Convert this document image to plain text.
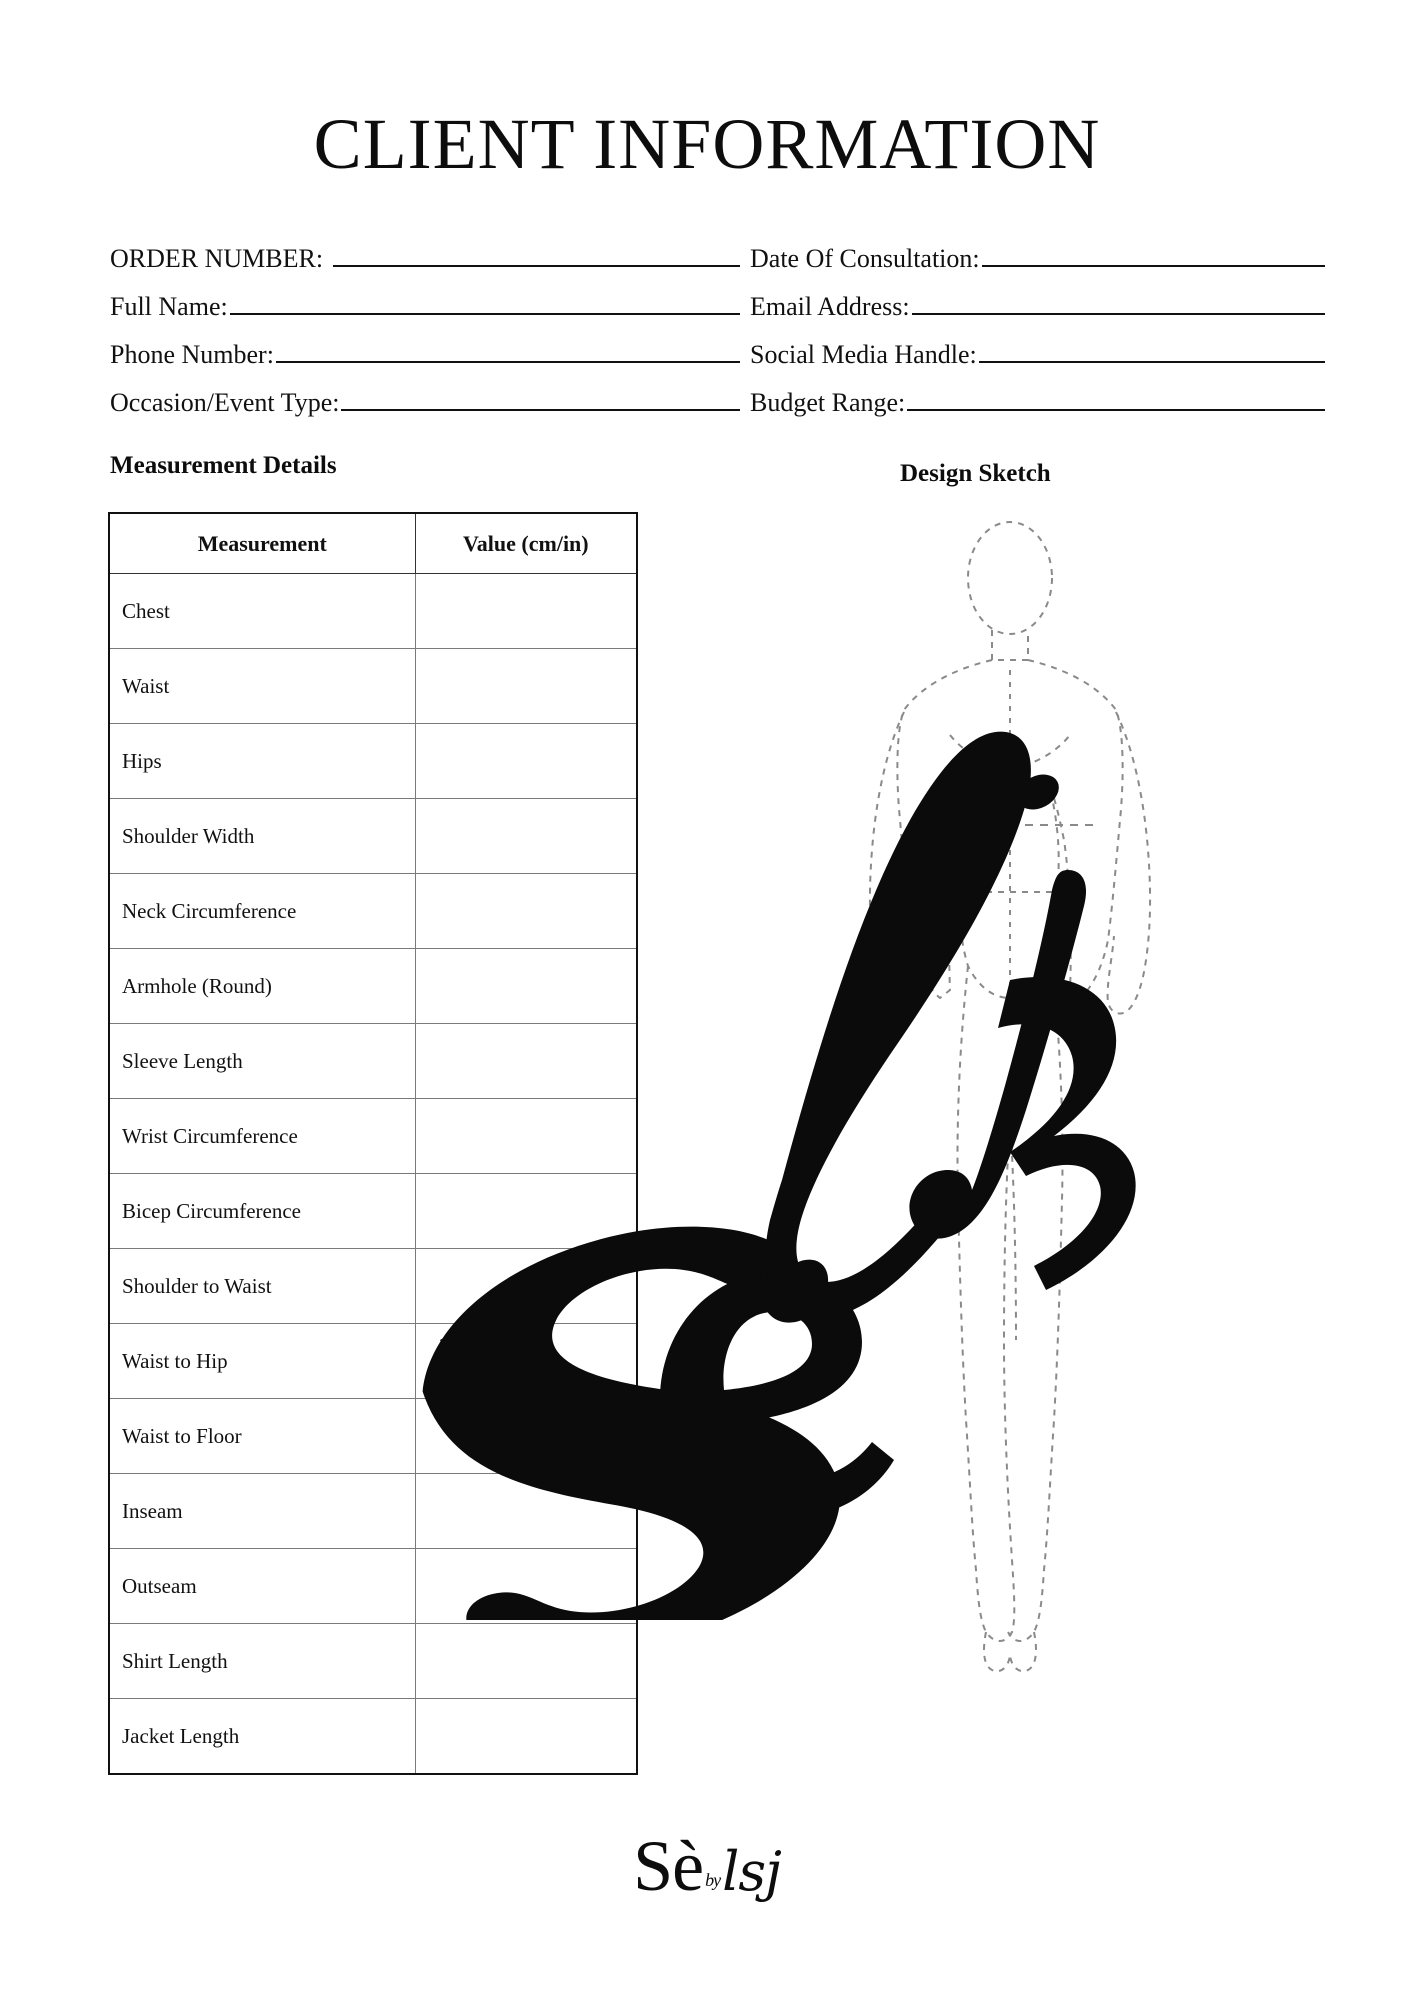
CLIENT INFORMATION
ORDER NUMBER:	Date Of Consultation:
Full Name:	Email Address:
Phone Number:	Social Media Handle:
Occasion/Event Type:	Budget Range:
Measurement Details	Design Sketch
Measurement	Value (cm/in)
Chest	
Waist	
Hips	
Shoulder Width	
Neck Circumference	
Armhole (Round)	
Sleeve Length	
Wrist Circumference	
Bicep Circumference	
Shoulder to Waist	
Waist to Hip	
Waist to Floor	
Inseam	
Outseam	
Shirt Length	
Jacket Length	
Sè bylsj
